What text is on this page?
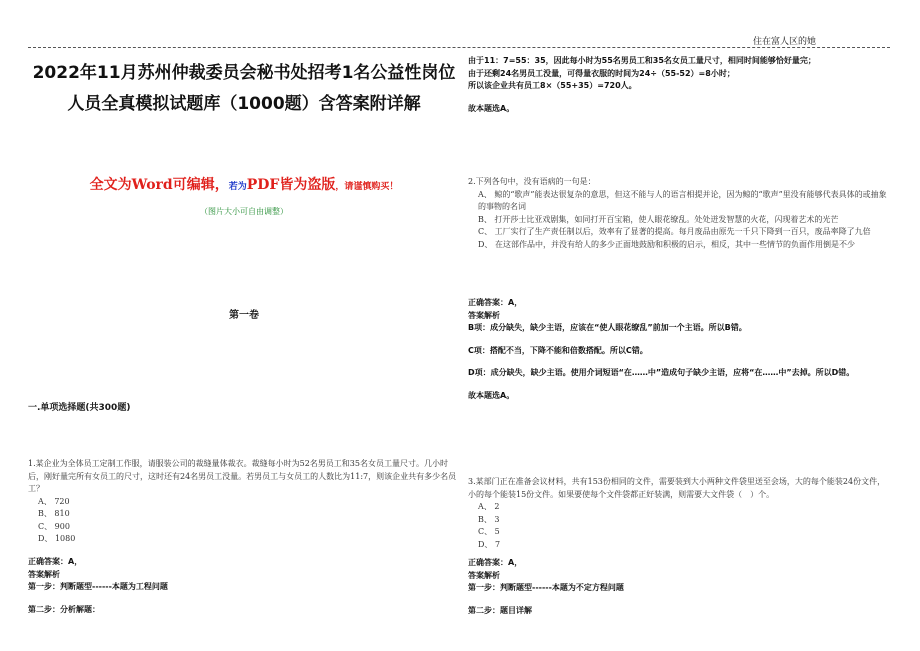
住在富人区的她
2022年11月苏州仲裁委员会秘书处招考1名公益性岗位人员全真模拟试题库（1000题）含答案附详解
全文为Word可编辑，若为PDF皆为盗版，请谨慎购买！
（图片大小可自由调整）
第一卷
一.单项选择题(共300题)
1.某企业为全体员工定制工作服，请服装公司的裁缝量体裁衣。裁缝每小时为52名男员工和35名女员工量尺寸。几小时后，刚好量完所有女员工的尺寸，这时还有24名男员工没量。若男员工与女员工的人数比为11:7，则该企业共有多少名员工？
A、 720
B、 810
C、 900
D、 1080
正确答案：A，
答案解析
第一步：判断题型------本题为工程问题
第二步：分析解题：
由于11：7=55：35，因此每小时为55名男员工和35名女员工量尺寸，相同时间能够恰好量完；
由于还剩24名男员工没量，可得量衣服的时间为24÷（55-52）=8小时；
所以该企业共有员工8×（55+35）=720人。
故本题选A。
2.下列各句中，没有语病的一句是：
A、 鲸的“歌声”能表达很复杂的意思，但这不能与人的语言相提并论，因为鲸的“歌声”里没有能够代表具体的或抽象的事物的名词
B、 打开莎士比亚戏剧集，如同打开百宝箱，使人眼花缭乱。处处迸发智慧的火花，闪现着艺术的光芒
C、 工厂实行了生产责任制以后，效率有了显著的提高。每月废品由原先一千只下降到一百只，废品率降了九倍
D、 在这部作品中，并没有给人的多少正面地鼓励和积极的启示，相反，其中一些情节的负面作用倒是不少
正确答案：A，
答案解析
B项：成分缺失，缺少主语，应该在“使人眼花缭乱”前加一个主语。所以B错。
C项：搭配不当，下降不能和倍数搭配。所以C错。
D项：成分缺失，缺少主语。使用介词短语“在……中”造成句子缺少主语，应将“在……中”去掉。所以D错。
故本题选A。
3.某部门正在准备会议材料，共有153份相同的文件，需要装到大小两种文件袋里送至会场，大的每个能装24份文件，小的每个能装15份文件。如果要使每个文件袋都正好装满，则需要大文件袋（　）个。
A、 2
B、 3
C、 5
D、 7
正确答案：A，
答案解析
第一步：判断题型------本题为不定方程问题
第二步：题目详解
